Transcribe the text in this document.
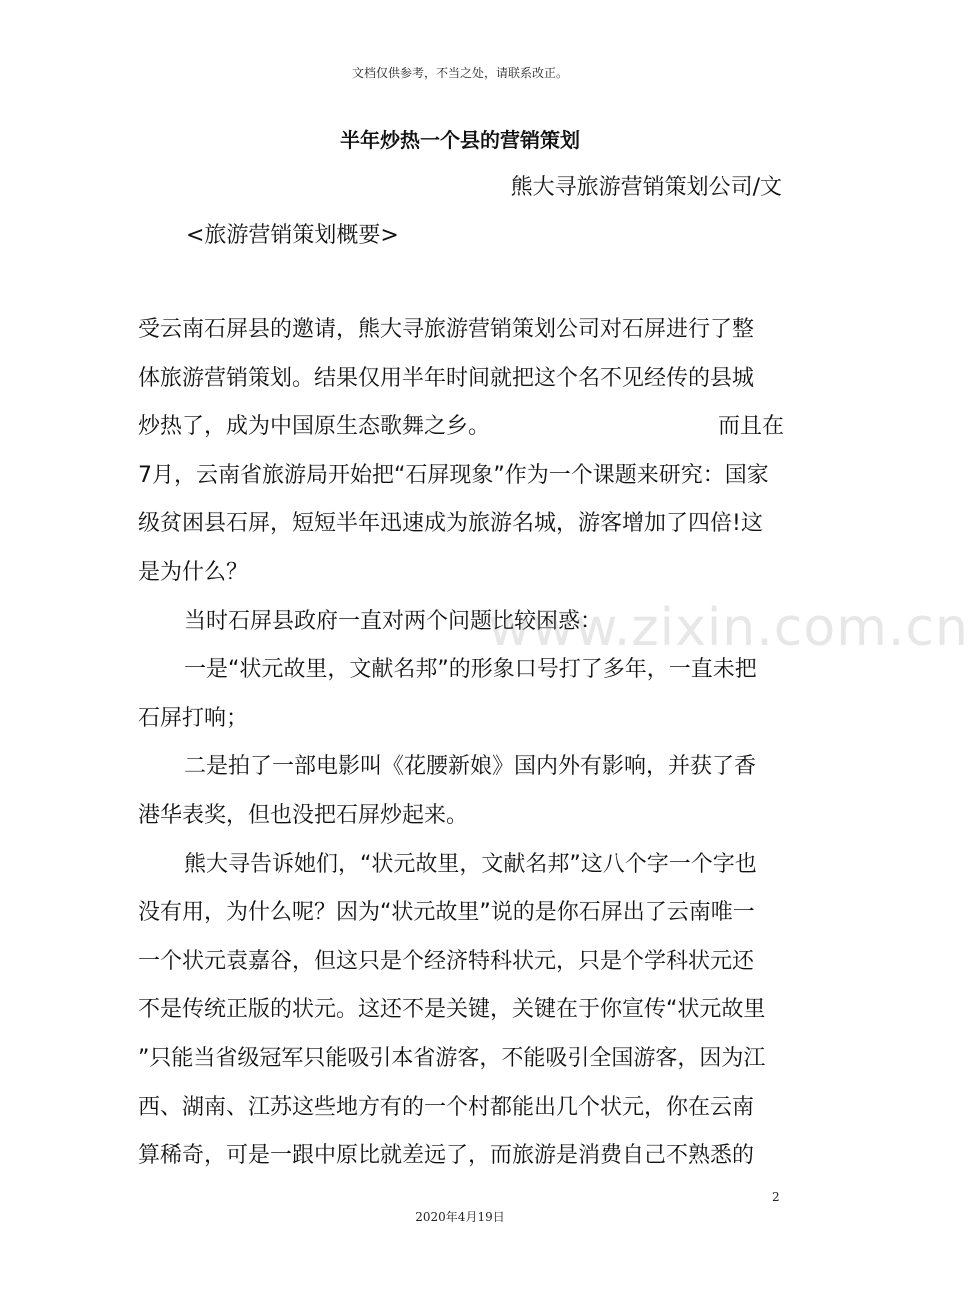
文档仅供参考，不当之处，请联系改正。
半年炒热一个县的营销策划
熊大寻旅游营销策划公司/文
<旅游营销策划概要>

受云南石屏县的邀请，熊大寻旅游营销策划公司对石屏进行了整

体旅游营销策划。结果仅用半年时间就把这个名不见经传的县城

炒热了，成为中国原生态歌舞之乡。	而且在

7月，云南省旅游局开始把“石屏现象”作为一个课题来研究：国家

级贫困县石屏，短短半年迅速成为旅游名城，游客增加了四倍!这

是为什么？

当时石屏县政府一直对两个问题比较困惑：

一是“状元故里，文献名邦”的形象口号打了多年，一直未把

石屏打响；

二是拍了一部电影叫《花腰新娘》国内外有影响，并获了香

港华表奖，但也没把石屏炒起来。

熊大寻告诉她们，“状元故里，文献名邦”这八个字一个字也

没有用，为什么呢？因为“状元故里”说的是你石屏出了云南唯一

一个状元袁嘉谷，但这只是个经济特科状元，只是个学科状元还

不是传统正版的状元。这还不是关键，关键在于你宣传“状元故里

”只能当省级冠军只能吸引本省游客，不能吸引全国游客，因为江

西、湖南、江苏这些地方有的一个村都能出几个状元，你在云南

算稀奇，可是一跟中原比就差远了，而旅游是消费自己不熟悉的

www.zixin.com.cn
2
2020年4月19日
